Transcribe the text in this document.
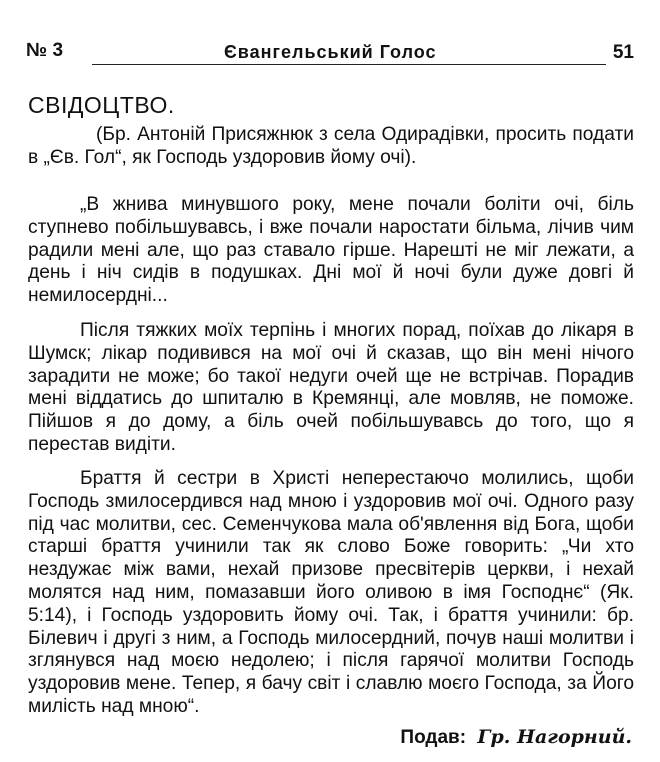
№ 3	Євангельський Голос	51
СВІДОЦТВО.
(Бр. Антоній Присяжнюк з села Одирадівки, просить подати в „Єв. Гол“, як Господь уздоровив йому очі).
„В жнива минувшого року, мене почали боліти очі, біль ступнево побільшувавсь, і вже почали наростати більма, лічив чим радили мені але, що раз ставало гірше. Нарешті не міг лежати, а день і ніч сидів в подушках. Дні мої й ночі були дуже довгі й немилосердні...
Після тяжких моїх терпінь і многих порад, поїхав до лікаря в Шумск; лікар подивився на мої очі й сказав, що він мені нічого зарадити не може; бо такої недуги очей ще не встрічав. Порадив мені віддатись до шпиталю в Кремянці, але мовляв, не поможе. Пійшов я до дому, а біль очей побільшувавсь до того, що я перестав видіти.
Браття й сестри в Христі неперестаючо молились, щоби Господь змилосердився над мною і уздоровив мої очі. Одного разу під час молитви, сес. Семенчукова мала об'явлення від Бога, щоби старші браття учинили так як слово Боже говорить: „Чи хто нездужає між вами, нехай призове пресвітерів церкви, і нехай молятся над ним, помазавши його оливою в імя Господнє“ (Як. 5:14), і Господь уздоровить йому очі. Так, і браття учинили: бр. Білевич і другі з ним, а Господь милосердний, почув наші молитви і зглянувся над моєю недолею; і після гарячої молитви Господь уздоровив мене. Тепер, я бачу світ і славлю моєго Господа, за Його милість над мною“.
Подав: Гр. Нагорний.
